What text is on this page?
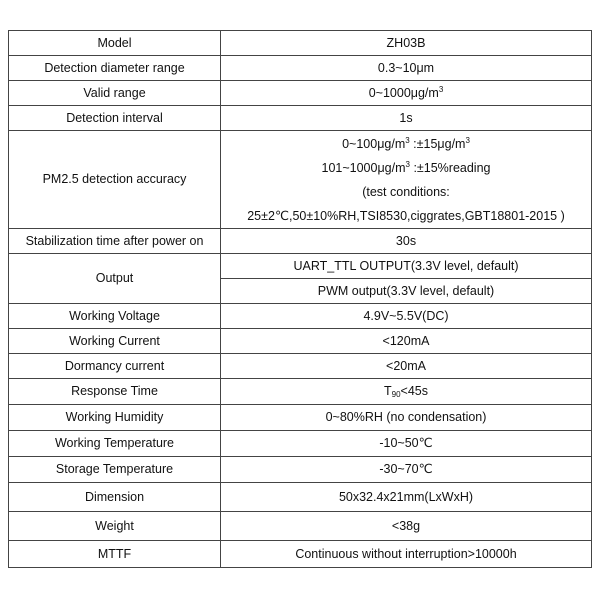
Model	ZH03B
Detection diameter range	0.3~10μm
Valid range	$0\sim 1000\mu g/m^3$
Detection interval	1s
PM2.5 detection accuracy	$0\sim 100\mu g/m^3$ $:\pm 15\mu g/m^3$
$101\sim 1000\mu g/m^3$ :±15%reading
(test conditions:
25±2℃,50±10%RH,TSI8530,ciggrates,GBT18801-2015 )

Stabilization time after power on	30s
Output	UART_TTL OUTPUT(3.3V level, default)
	PWM output(3.3V level, default)
Working Voltage	4.9V~5.5V(DC)
Working Current	<120mA
Dormancy current	<20mA
Response Time	T90<45s
Working Humidity	0~80%RH (no condensation)
Working Temperature	-10~50℃
Storage Temperature	-30~70℃
Dimension	50x32.4x21mm(LxWxH)
Weight	<38g
MTTF	Continuous without interruption>10000h
